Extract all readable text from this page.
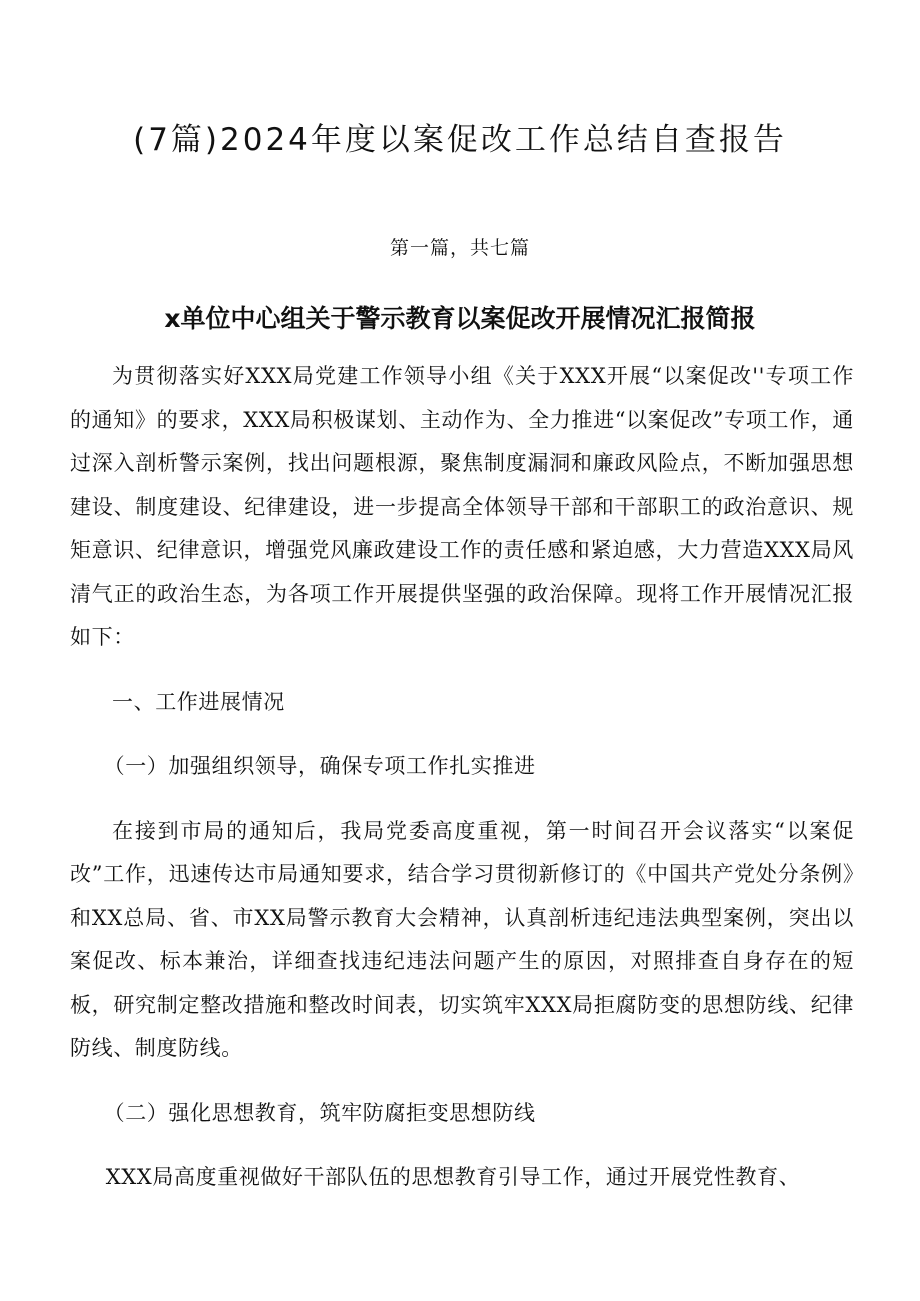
(7篇)2024年度以案促改工作总结自查报告
第一篇，共七篇
x单位中心组关于警示教育以案促改开展情况汇报简报

为贯彻落实好XXX局党建工作领导小组《关于XXX开展“以案促改''专项工作的通知》的要求，XXX局积极谋划、主动作为、全力推进“以案促改”专项工作，通过深入剖析警示案例，找出问题根源，聚焦制度漏洞和廉政风险点，不断加强思想建设、制度建设、纪律建设，进一步提高全体领导干部和干部职工的政治意识、规矩意识、纪律意识，增强党风廉政建设工作的责任感和紧迫感，大力营造XXX局风清气正的政治生态，为各项工作开展提供坚强的政治保障。现将工作开展情况汇报如下：

一、工作进展情况

（一）加强组织领导，确保专项工作扎实推进

在接到市局的通知后，我局党委高度重视，第一时间召开会议落实“以案促改”工作，迅速传达市局通知要求，结合学习贯彻新修订的《中国共产党处分条例》和XX总局、省、市XX局警示教育大会精神，认真剖析违纪违法典型案例，突出以案促改、标本兼治，详细查找违纪违法问题产生的原因，对照排查自身存在的短板，研究制定整改措施和整改时间表，切实筑牢XXX局拒腐防变的思想防线、纪律防线、制度防线。

（二）强化思想教育，筑牢防腐拒变思想防线

XXX局高度重视做好干部队伍的思想教育引导工作，通过开展党性教育、
